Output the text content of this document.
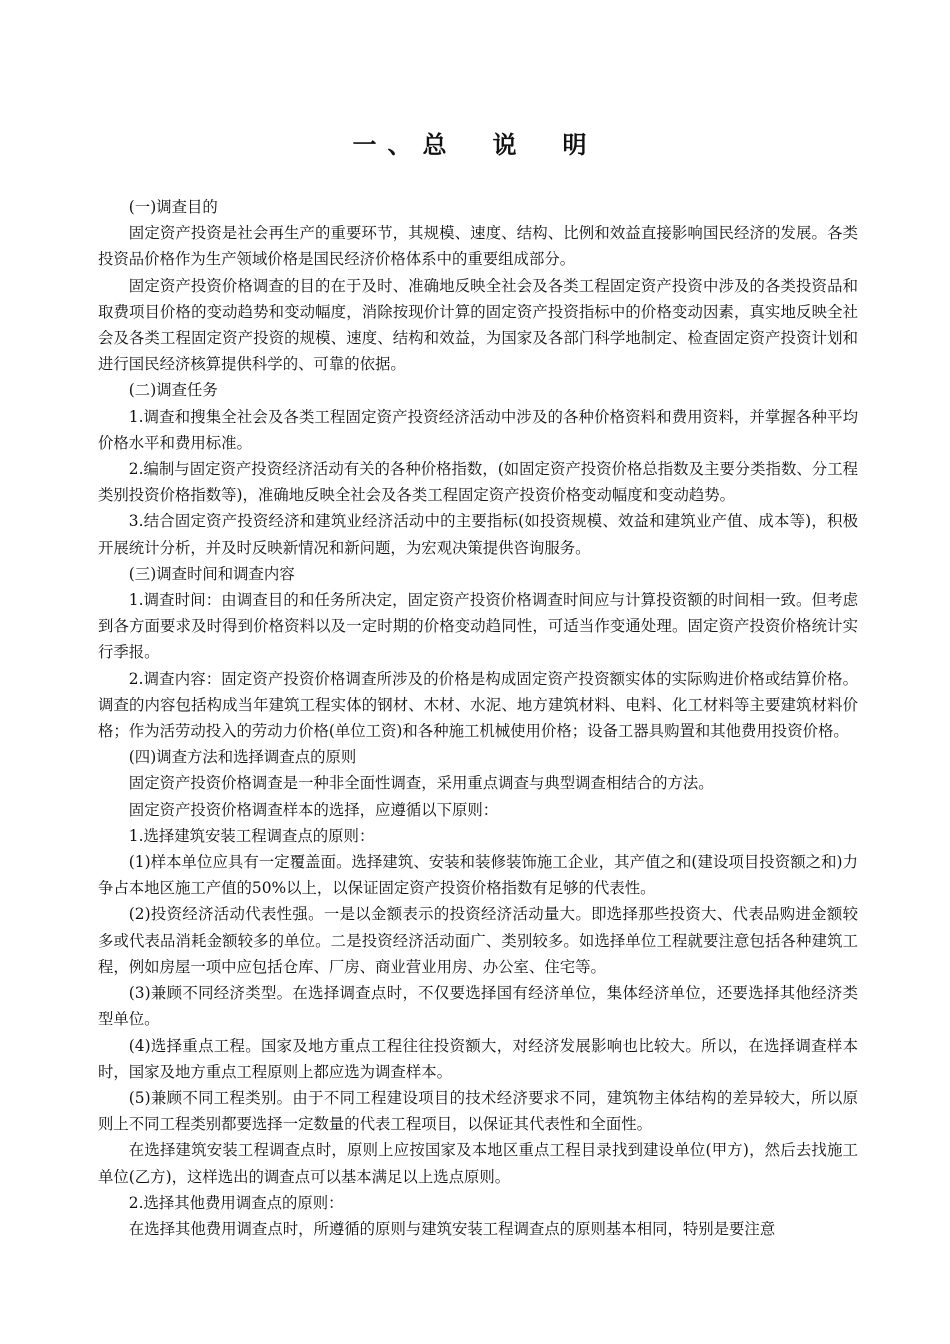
一、总　说　明

(一)调查目的

固定资产投资是社会再生产的重要环节，其规模、速度、结构、比例和效益直接影响国民经济的发展。各类投资品价格作为生产领域价格是国民经济价格体系中的重要组成部分。

固定资产投资价格调查的目的在于及时、准确地反映全社会及各类工程固定资产投资中涉及的各类投资品和取费项目价格的变动趋势和变动幅度，消除按现价计算的固定资产投资指标中的价格变动因素，真实地反映全社会及各类工程固定资产投资的规模、速度、结构和效益，为国家及各部门科学地制定、检查固定资产投资计划和进行国民经济核算提供科学的、可靠的依据。

(二)调查任务

1.调查和搜集全社会及各类工程固定资产投资经济活动中涉及的各种价格资料和费用资料，并掌握各种平均价格水平和费用标准。

2.编制与固定资产投资经济活动有关的各种价格指数，(如固定资产投资价格总指数及主要分类指数、分工程类别投资价格指数等)，准确地反映全社会及各类工程固定资产投资价格变动幅度和变动趋势。

3.结合固定资产投资经济和建筑业经济活动中的主要指标(如投资规模、效益和建筑业产值、成本等)，积极开展统计分析，并及时反映新情况和新问题，为宏观决策提供咨询服务。

(三)调查时间和调查内容

1.调查时间：由调查目的和任务所决定，固定资产投资价格调查时间应与计算投资额的时间相一致。但考虑到各方面要求及时得到价格资料以及一定时期的价格变动趋同性，可适当作变通处理。固定资产投资价格统计实行季报。

2.调查内容：固定资产投资价格调查所涉及的价格是构成固定资产投资额实体的实际购进价格或结算价格。调查的内容包括构成当年建筑工程实体的钢材、木材、水泥、地方建筑材料、电料、化工材料等主要建筑材料价格；作为活劳动投入的劳动力价格(单位工资)和各种施工机械使用价格；设备工器具购置和其他费用投资价格。

(四)调查方法和选择调查点的原则

固定资产投资价格调查是一种非全面性调查，采用重点调查与典型调查相结合的方法。

固定资产投资价格调查样本的选择，应遵循以下原则：

1.选择建筑安装工程调查点的原则：

(1)样本单位应具有一定覆盖面。选择建筑、安装和装修装饰施工企业，其产值之和(建设项目投资额之和)力争占本地区施工产值的50%以上，以保证固定资产投资价格指数有足够的代表性。

(2)投资经济活动代表性强。一是以金额表示的投资经济活动量大。即选择那些投资大、代表品购进金额较多或代表品消耗金额较多的单位。二是投资经济活动面广、类别较多。如选择单位工程就要注意包括各种建筑工程，例如房屋一项中应包括仓库、厂房、商业营业用房、办公室、住宅等。

(3)兼顾不同经济类型。在选择调查点时，不仅要选择国有经济单位，集体经济单位，还要选择其他经济类型单位。

(4)选择重点工程。国家及地方重点工程往往投资额大，对经济发展影响也比较大。所以，在选择调查样本时，国家及地方重点工程原则上都应选为调查样本。

(5)兼顾不同工程类别。由于不同工程建设项目的技术经济要求不同，建筑物主体结构的差异较大，所以原则上不同工程类别都要选择一定数量的代表工程项目，以保证其代表性和全面性。

在选择建筑安装工程调查点时，原则上应按国家及本地区重点工程目录找到建设单位(甲方)，然后去找施工单位(乙方)，这样选出的调查点可以基本满足以上选点原则。

2.选择其他费用调查点的原则：

在选择其他费用调查点时，所遵循的原则与建筑安装工程调查点的原则基本相同，特别是要注意
